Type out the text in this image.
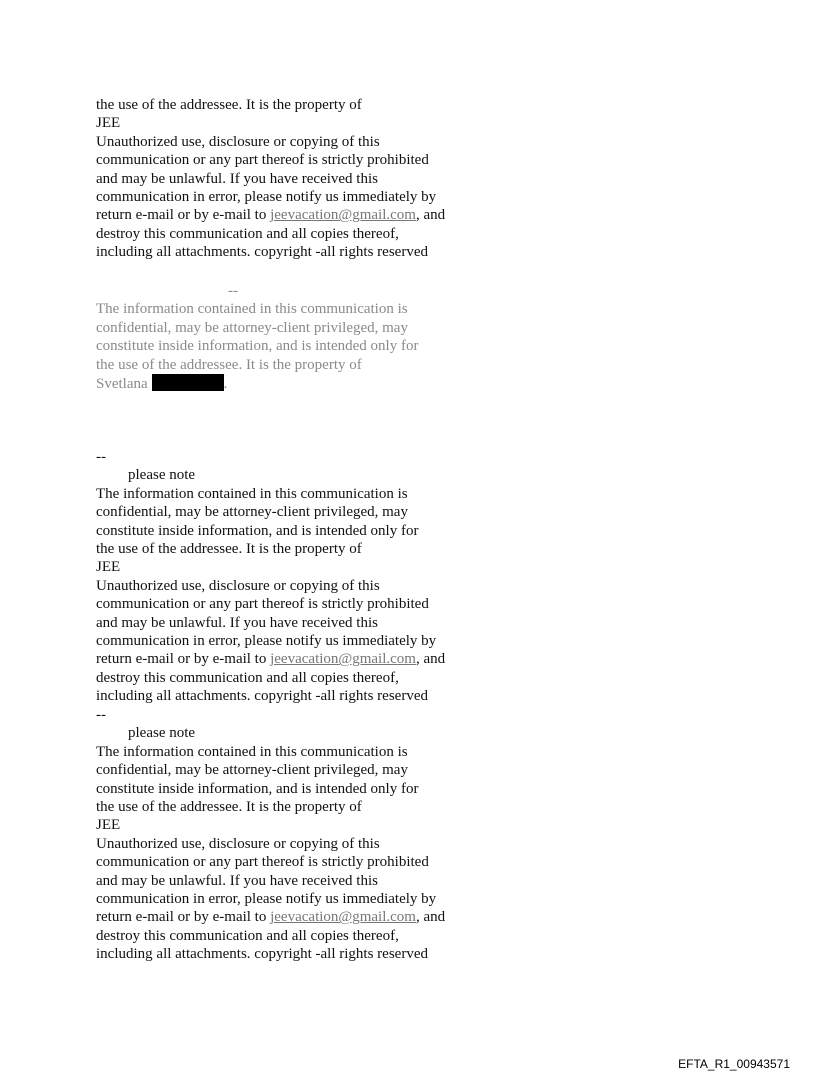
the use of the addressee. It is the property of
JEE
Unauthorized use, disclosure or copying of this
communication or any part thereof is strictly prohibited
and may be unlawful. If you have received this
communication in error, please notify us immediately by
return e-mail or by e-mail to jeevacation@gmail.com, and
destroy this communication and all copies thereof,
including all attachments. copyright -all rights reserved
--
The information contained in this communication is
confidential, may be attorney-client privileged, may
constitute inside information, and is intended only for
the use of the addressee. It is the property of
Svetlana	.
--
please note
The information contained in this communication is
confidential, may be attorney-client privileged, may
constitute inside information, and is intended only for
the use of the addressee. It is the property of
JEE
Unauthorized use, disclosure or copying of this
communication or any part thereof is strictly prohibited
and may be unlawful. If you have received this
communication in error, please notify us immediately by
return e-mail or by e-mail to jeevacation@gmail.com, and
destroy this communication and all copies thereof,
including all attachments. copyright -all rights reserved
--
please note
The information contained in this communication is
confidential, may be attorney-client privileged, may
constitute inside information, and is intended only for
the use of the addressee. It is the property of
JEE
Unauthorized use, disclosure or copying of this
communication or any part thereof is strictly prohibited
and may be unlawful. If you have received this
communication in error, please notify us immediately by
return e-mail or by e-mail to jeevacation@gmail.com, and
destroy this communication and all copies thereof,
including all attachments. copyright -all rights reserved
EFTA_R1_00943571
